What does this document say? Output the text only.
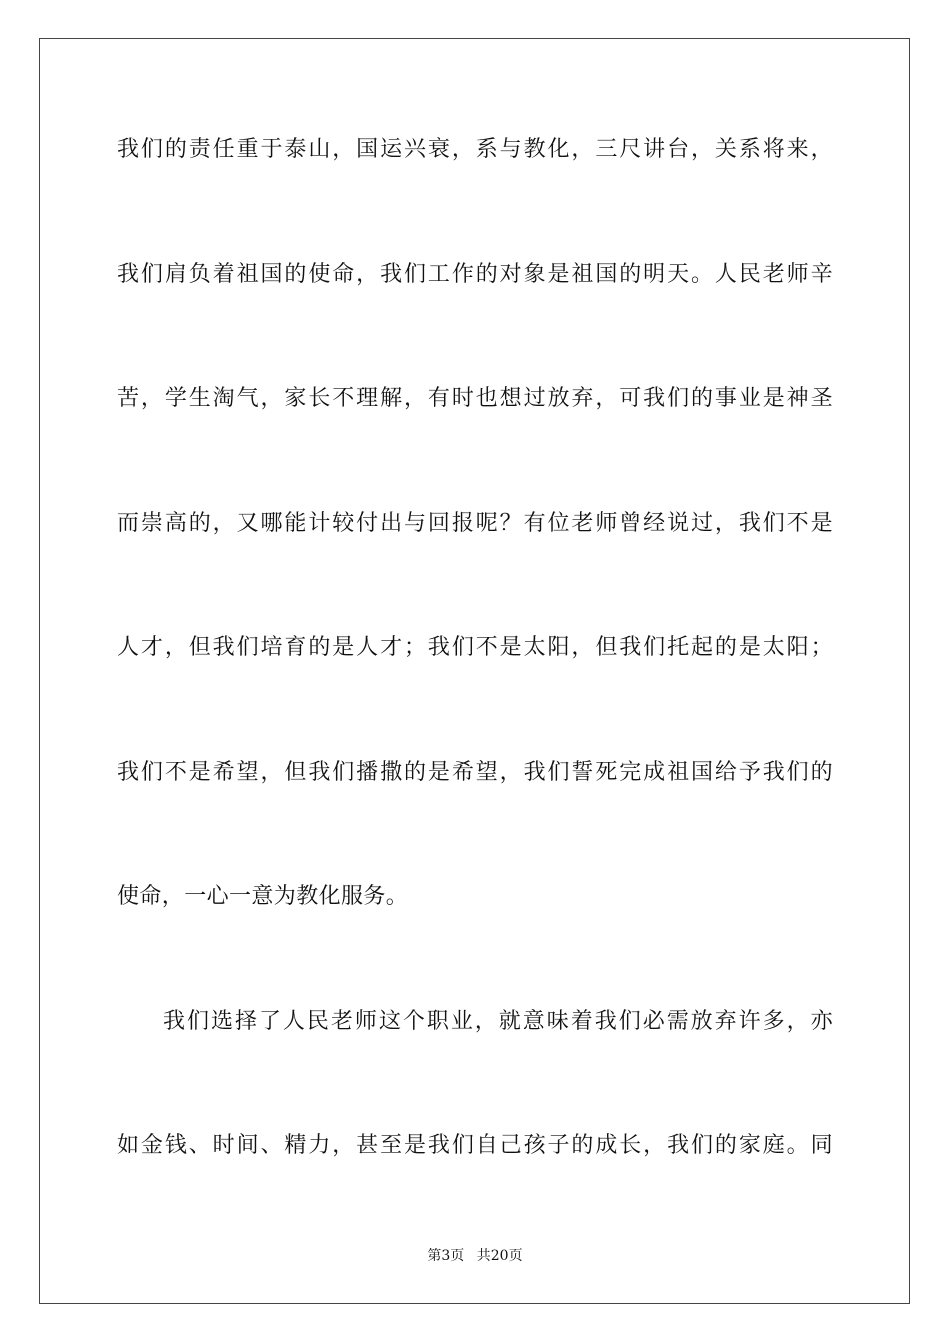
我们的责任重于泰山，国运兴衰，系与教化，三尺讲台，关系将来，
我们肩负着祖国的使命，我们工作的对象是祖国的明天。人民老师辛
苦，学生淘气，家长不理解，有时也想过放弃，可我们的事业是神圣
而崇高的，又哪能计较付出与回报呢？有位老师曾经说过，我们不是
人才，但我们培育的是人才；我们不是太阳，但我们托起的是太阳；
我们不是希望，但我们播撒的是希望，我们誓死完成祖国给予我们的
使命，一心一意为教化服务。
我们选择了人民老师这个职业，就意味着我们必需放弃许多，亦
如金钱、时间、精力，甚至是我们自己孩子的成长，我们的家庭。同
第3页 共20页
